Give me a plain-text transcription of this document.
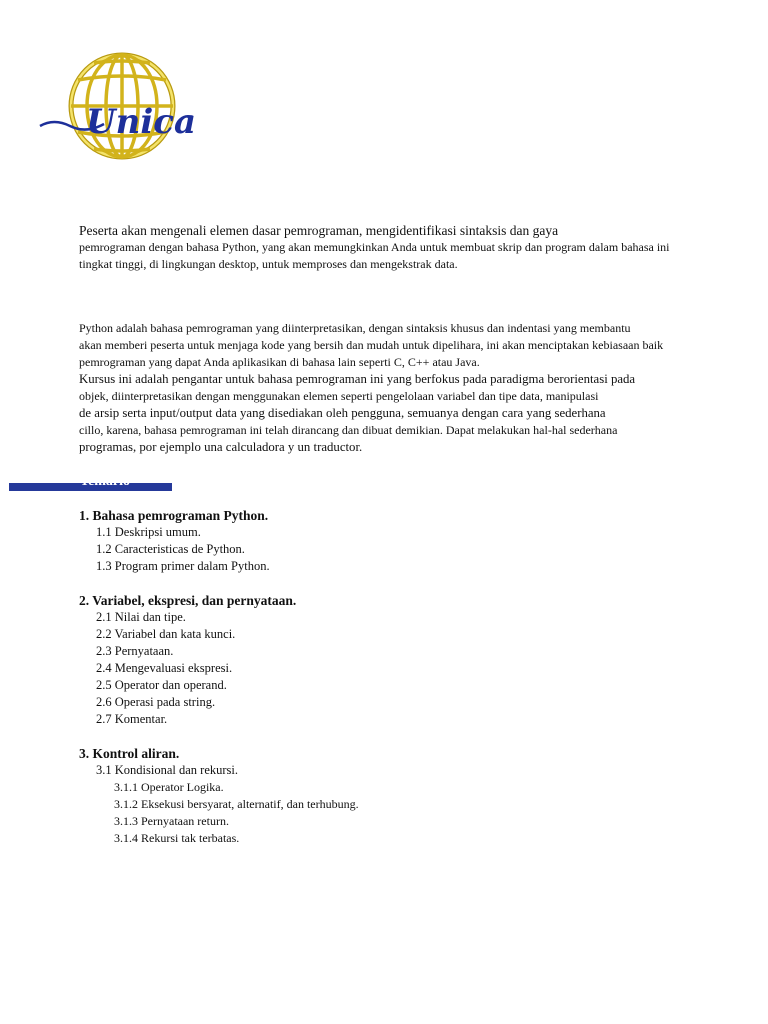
Unica
Peserta akan mengenali elemen dasar pemrograman, mengidentifikasi sintaksis dan gaya
pemrograman dengan bahasa Python, yang akan memungkinkan Anda untuk membuat skrip dan program dalam bahasa ini
tingkat tinggi, di lingkungan desktop, untuk memproses dan mengekstrak data.
Python adalah bahasa pemrograman yang diinterpretasikan, dengan sintaksis khusus dan indentasi yang membantu
akan memberi peserta untuk menjaga kode yang bersih dan mudah untuk dipelihara, ini akan menciptakan kebiasaan baik
pemrograman yang dapat Anda aplikasikan di bahasa lain seperti C, C++ atau Java.
Kursus ini adalah pengantar untuk bahasa pemrograman ini yang berfokus pada paradigma berorientasi pada
objek, diinterpretasikan dengan menggunakan elemen seperti pengelolaan variabel dan tipe data, manipulasi
de arsip serta input/output data yang disediakan oleh pengguna, semuanya dengan cara yang sederhana
cillo, karena, bahasa pemrograman ini telah dirancang dan dibuat demikian. Dapat melakukan hal-hal sederhana
programas, por ejemplo una calculadora y un traductor.
Temario
1. Bahasa pemrograman Python.
1.1 Deskripsi umum.
1.2 Caracteristicas de Python.
1.3 Program primer dalam Python.
2. Variabel, ekspresi, dan pernyataan.
2.1 Nilai dan tipe.
2.2 Variabel dan kata kunci.
2.3 Pernyataan.
2.4 Mengevaluasi ekspresi.
2.5 Operator dan operand.
2.6 Operasi pada string.
2.7 Komentar.
3. Kontrol aliran.
3.1 Kondisional dan rekursi.
3.1.1 Operator Logika.
3.1.2 Eksekusi bersyarat, alternatif, dan terhubung.
3.1.3 Pernyataan return.
3.1.4 Rekursi tak terbatas.
